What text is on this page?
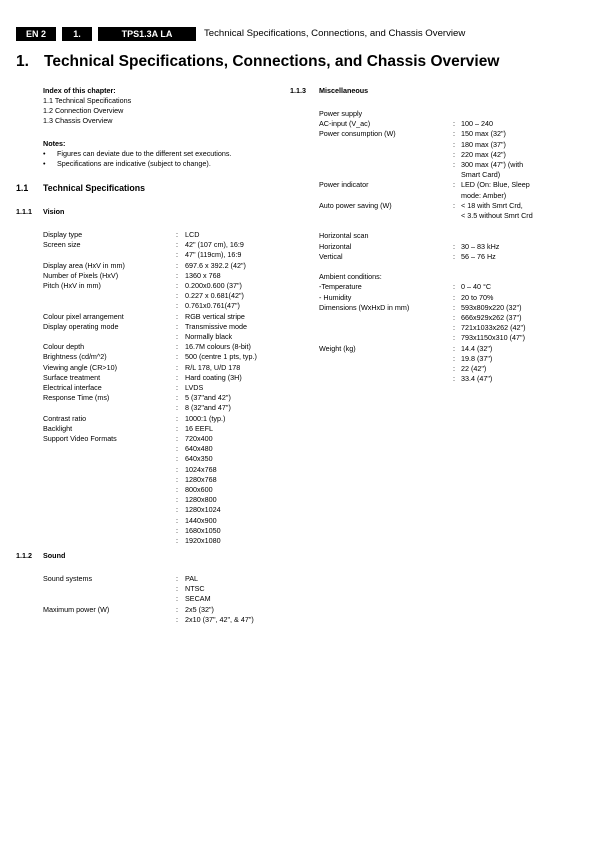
EN 2	1.	TPS1.3A LA	Technical Specifications, Connections, and Chassis Overview
1. Technical Specifications, Connections, and Chassis Overview
Index of this chapter:
1.1 Technical Specifications
1.2 Connection Overview
1.3 Chassis Overview
Notes:
• Figures can deviate due to the different set executions.
• Specifications are indicative (subject to change).
1.1 Technical Specifications
1.1.1 Vision
Display type	: LCD
Screen size	: 42" (107 cm), 16:9
: 47" (119cm), 16:9
Display area (HxV in mm)	: 697.6 x 392.2 (42")
Number of Pixels (HxV)	: 1360 x 768
Pitch (HxV in mm)	: 0.200x0.600 (37")
: 0.227 x 0.681(42")
: 0.761x0.761(47")
Colour pixel arrangement	: RGB vertical stripe
Display operating mode	: Transmissive mode
: Normally black
Colour depth	: 16.7M colours (8-bit)
Brightness (cd/m^2)	: 500 (centre 1 pts, typ.)
Viewing angle (CR>10)	: R/L 178, U/D 178
Surface treatment	: Hard coating (3H)
Electrical interface	: LVDS
Response Time (ms)	: 5 (37"and 42")
: 8 (32"and 47")
Contrast ratio	: 1000:1 (typ.)
Backlight	: 16 EEFL
Support Video Formats	: 720x400
: 640x480
: 640x350
: 1024x768
: 1280x768
: 800x600
: 1280x800
: 1280x1024
: 1440x900
: 1680x1050
: 1920x1080
1.1.2 Sound
Sound systems	: PAL
: NTSC
: SECAM
Maximum power (W)	: 2x5 (32")
: 2x10 (37", 42", & 47")
1.1.3 Miscellaneous
Power supply
AC-input (V_ac)	: 100 – 240
Power consumption (W)	: 150 max (32")
: 180 max (37")
: 220 max (42")
: 300 max (47") (with
Smart Card)
Power indicator	: LED (On: Blue, Sleep
mode: Amber)
Auto power saving (W)	: < 18 with Smrt Crd,
< 3.5 without Smrt Crd
Horizontal scan
Horizontal	: 30 – 83 kHz
Vertical	: 56 – 76 Hz
Ambient conditions:
-Temperature	: 0 – 40 °C
- Humidity	: 20 to 70%
Dimensions (WxHxD in mm)	: 593x809x220 (32")
: 666x929x262 (37")
: 721x1033x262 (42")
: 793x1150x310 (47")
Weight (kg)	: 14.4 (32")
: 19.8 (37")
: 22 (42")
: 33.4 (47")
